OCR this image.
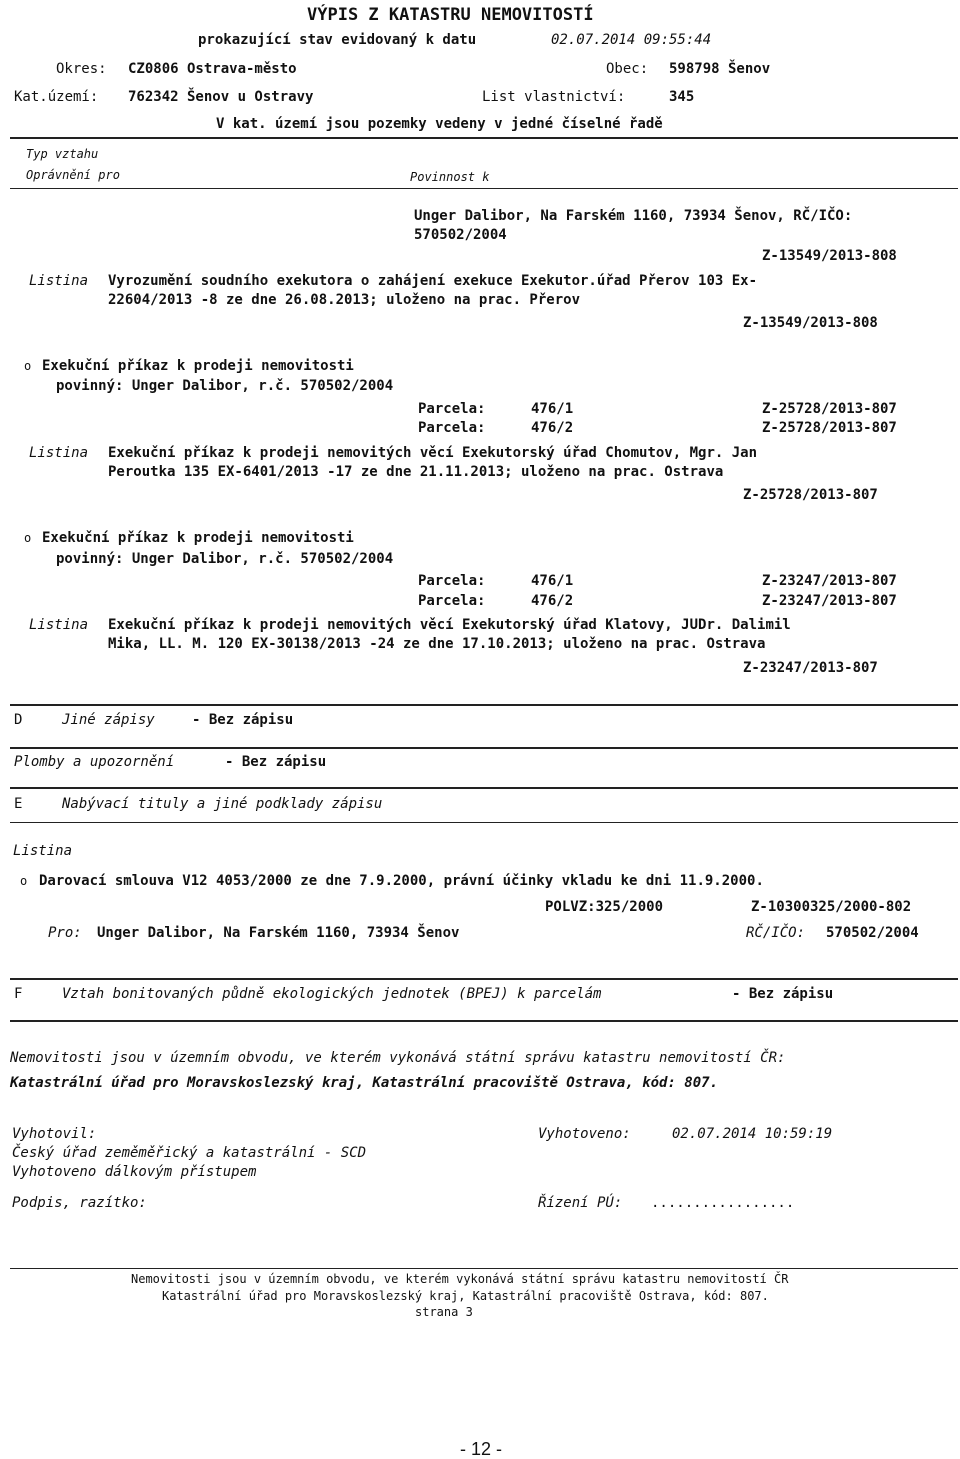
VÝPIS Z KATASTRU NEMOVITOSTÍ
prokazující stav evidovaný k datu	02.07.2014 09:55:44
Okres: CZ0806 Ostrava-město	Obec: 598798 Šenov
Kat.území: 762342 Šenov u Ostravy	List vlastnictví:	345
V kat. území jsou pozemky vedeny v jedné číselné řadě
Typ vztahu
Oprávnění pro	Povinnost k
Unger Dalibor, Na Farském 1160, 73934 Šenov, RČ/IČO:
570502/2004
Z-13549/2013-808
Listina Vyrozumění soudního exekutora o zahájení exekuce Exekutor.úřad Přerov 103 Ex-
22604/2013 -8 ze dne 26.08.2013; uloženo na prac. Přerov
Z-13549/2013-808
o Exekuční příkaz k prodeji nemovitosti
povinný: Unger Dalibor, r.č. 570502/2004
Parcela:	476/1	Z-25728/2013-807
Parcela:	476/2	Z-25728/2013-807
Listina Exekuční příkaz k prodeji nemovitých věcí Exekutorský úřad Chomutov, Mgr. Jan
Peroutka 135 EX-6401/2013 -17 ze dne 21.11.2013; uloženo na prac. Ostrava
Z-25728/2013-807
o Exekuční příkaz k prodeji nemovitosti
povinný: Unger Dalibor, r.č. 570502/2004
Parcela:	476/1	Z-23247/2013-807
Parcela:	476/2	Z-23247/2013-807
Listina Exekuční příkaz k prodeji nemovitých věcí Exekutorský úřad Klatovy, JUDr. Dalimil
Mika, LL. M. 120 EX-30138/2013 -24 ze dne 17.10.2013; uloženo na prac. Ostrava
Z-23247/2013-807
D	Jiné zápisy	- Bez zápisu
Plomby a upozornění	- Bez zápisu
E	Nabývací tituly a jiné podklady zápisu
Listina
o Darovací smlouva V12 4053/2000 ze dne 7.9.2000, právní účinky vkladu ke dni 11.9.2000.
POLVZ:325/2000	Z-10300325/2000-802
Pro: Unger Dalibor, Na Farském 1160, 73934 Šenov	RČ/IČO: 570502/2004
F	Vztah bonitovaných půdně ekologických jednotek (BPEJ) k parcelám	- Bez zápisu
Nemovitosti jsou v územním obvodu, ve kterém vykonává státní správu katastru nemovitostí ČR:
Katastrální úřad pro Moravskoslezský kraj, Katastrální pracoviště Ostrava, kód: 807.
Vyhotovil:
Český úřad zeměměřický a katastrální - SCD
Vyhotoveno dálkovým přístupem
Vyhotoveno:	02.07.2014 10:59:19
Podpis, razítko:	Řízení PÚ: .................
Nemovitosti jsou v územním obvodu, ve kterém vykonává státní správu katastru nemovitostí ČR
Katastrální úřad pro Moravskoslezský kraj, Katastrální pracoviště Ostrava, kód: 807.
strana 3
- 12 -
